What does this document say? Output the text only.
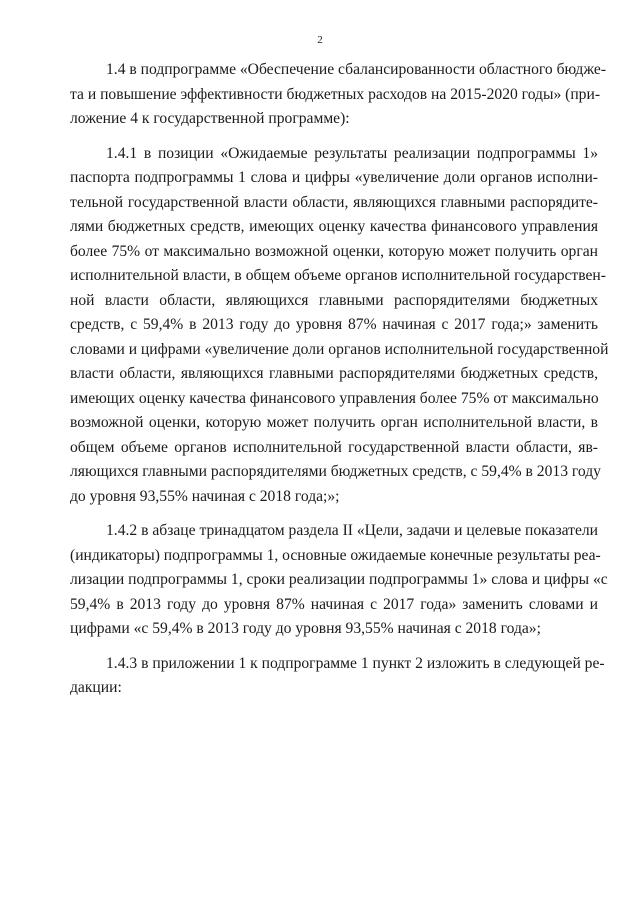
2
1.4 в подпрограмме «Обеспечение сбалансированности областного бюдже-
та и повышение эффективности бюджетных расходов на 2015-2020 годы» (при-
ложение 4 к государственной программе):
1.4.1 в позиции «Ожидаемые результаты реализации подпрограммы 1»
паспорта подпрограммы 1 слова и цифры «увеличение доли органов исполни-
тельной государственной власти области, являющихся главными распорядите-
лями бюджетных средств, имеющих оценку качества финансового управления
более 75% от максимально возможной оценки, которую может получить орган
исполнительной власти, в общем объеме органов исполнительной государствен-
ной власти области, являющихся главными распорядителями бюджетных
средств, с 59,4% в 2013 году до уровня 87% начиная с 2017 года;» заменить
словами и цифрами «увеличение доли органов исполнительной государственной
власти области, являющихся главными распорядителями бюджетных средств,
имеющих оценку качества финансового управления более 75% от максимально
возможной оценки, которую может получить орган исполнительной власти, в
общем объеме органов исполнительной государственной власти области, яв-
ляющихся главными распорядителями бюджетных средств, с 59,4% в 2013 году
до уровня 93,55% начиная с 2018 года;»;
1.4.2 в абзаце тринадцатом раздела II «Цели, задачи и целевые показатели
(индикаторы) подпрограммы 1, основные ожидаемые конечные результаты реа-
лизации подпрограммы 1, сроки реализации подпрограммы 1» слова и цифры «с
59,4% в 2013 году до уровня 87% начиная с 2017 года» заменить словами и
цифрами «с 59,4% в 2013 году до уровня 93,55% начиная с 2018 года»;
1.4.3 в приложении 1 к подпрограмме 1 пункт 2 изложить в следующей ре-
дакции:
